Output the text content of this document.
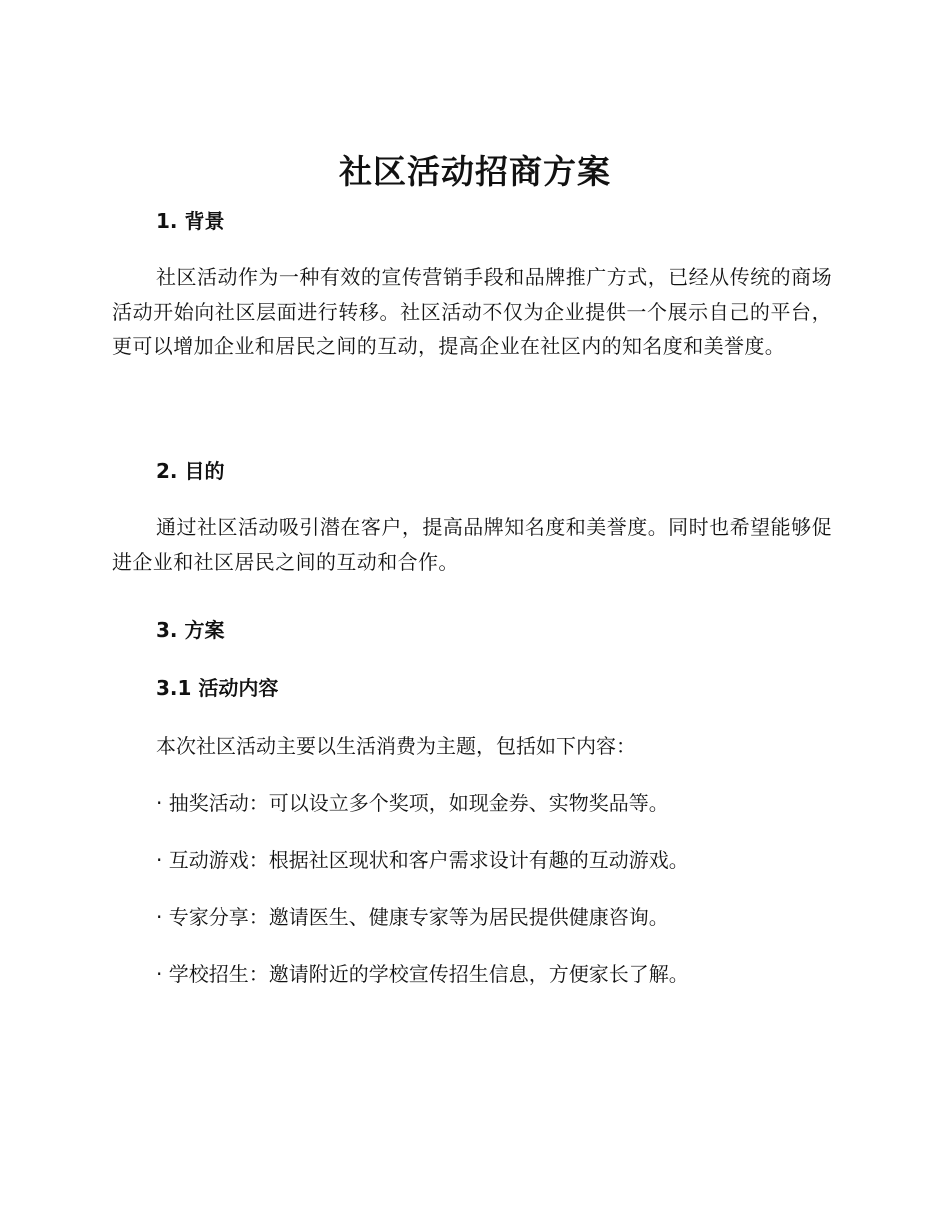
社区活动招商方案
1. 背景

社区活动作为一种有效的宣传营销手段和品牌推广方式，已经从传统的商场活动开始向社区层面进行转移。社区活动不仅为企业提供一个展示自己的平台，更可以增加企业和居民之间的互动，提高企业在社区内的知名度和美誉度。

2. 目的

通过社区活动吸引潜在客户，提高品牌知名度和美誉度。同时也希望能够促进企业和社区居民之间的互动和合作。

3. 方案
3.1 活动内容

本次社区活动主要以生活消费为主题，包括如下内容：

· 抽奖活动：可以设立多个奖项，如现金券、实物奖品等。

· 互动游戏：根据社区现状和客户需求设计有趣的互动游戏。

· 专家分享：邀请医生、健康专家等为居民提供健康咨询。

· 学校招生：邀请附近的学校宣传招生信息，方便家长了解。
